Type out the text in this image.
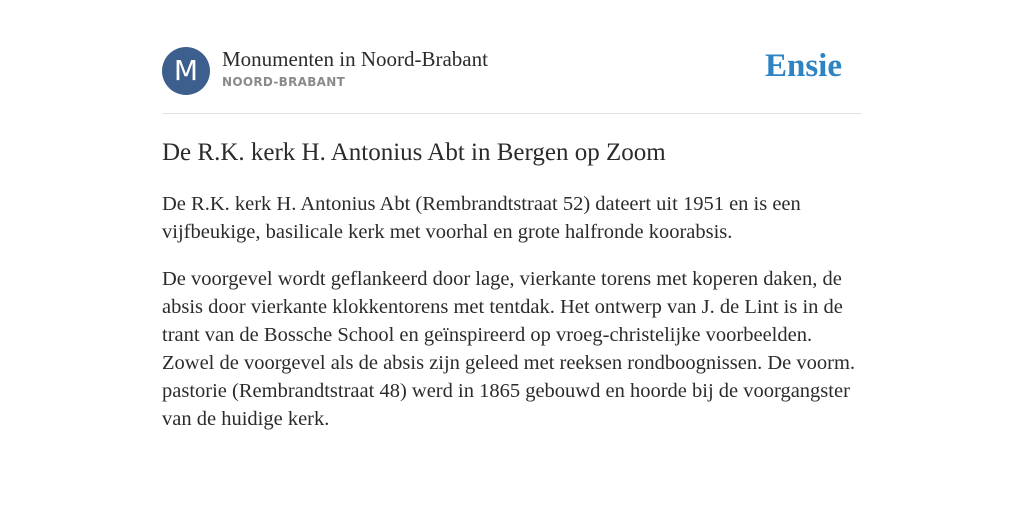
M	Monumenten in Noord-Brabant
NOORD-BRABANT	Ensie
De R.K. kerk H. Antonius Abt in Bergen op Zoom

De R.K. kerk H. Antonius Abt (Rembrandtstraat 52) dateert uit 1951 en is een vijfbeukige, basilicale kerk met voorhal en grote halfronde koorabsis.

De voorgevel wordt geflankeerd door lage, vierkante torens met koperen daken, de absis door vierkante klokkentorens met tentdak. Het ontwerp van J. de Lint is in de trant van de Bossche School en geïnspireerd op vroeg-christelijke voorbeelden. Zowel de voorgevel als de absis zijn geleed met reeksen rondboognissen. De voorm. pastorie (Rembrandtstraat 48) werd in 1865 gebouwd en hoorde bij de voorgangster van de huidige kerk.
